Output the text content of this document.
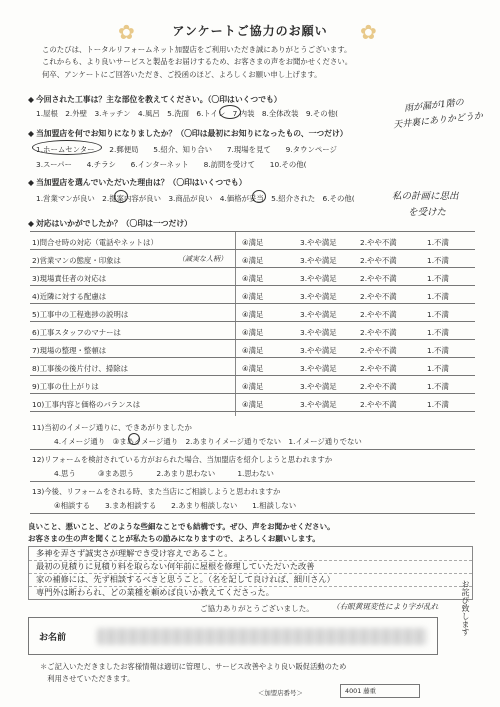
✿	✿
アンケートご協力のお願い
このたびは、トータルリフォームネット加盟店をご利用いただき誠にありがとうございます。
これからも、より良いサービスと製品をお届けするため、お客さまの声をお聞かせください。
何卒、アンケートにご回答いただき、ご投函のほど、よろしくお願い申し上げます。
◆ 今回された工事は？主な部位を教えてください。（〇印はいくつでも）
1.屋根　2.外壁　3.キッチン　4.風呂　5.洗面　6.トイレ　7.内装　8.全体改装　9.その他(	雨が漏が1階の
天井裏にありかどうか
◆ 当加盟店を何でお知りになりましたか？（〇印は最初にお知りになったもの、一つだけ）
1.ホームセンター　　2.郵便局　　5.紹介、知り合い　　7.現場を見て　　9.タウンページ
3.スーパー　　4.チラシ　　6.インターネット　　8.訪問を受けて　　10.その他(
◆ 当加盟店を選んでいただいた理由は？（〇印はいくつでも）
1.営業マンが良い　2.提案内容が良い　3.商品が良い　4.価格が妥当　5.紹介された　6.その他(	私の計画に思出
を受けた
◆ 対応はいかがでしたか？（〇印は一つだけ）
1)問合せ時の対応（電話やネットは）	④満足	3.やや満足	2.やや不満	1.不満
2)営業マンの態度・印象は	（誠実な人柄） ④満足	3.やや満足	2.やや不満	1.不満
3)現場責任者の対応は	④満足	3.やや満足	2.やや不満	1.不満
4)近隣に対する配慮は	④満足	3.やや満足	2.やや不満	1.不満
5)工事中の工程進捗の説明は	④満足	3.やや満足	2.やや不満	1.不満
6)工事スタッフのマナーは	④満足	3.やや満足	2.やや不満	1.不満
7)現場の整理・整頓は	④満足	3.やや満足	2.やや不満	1.不満
8)工事後の後片付け、掃除は	④満足	3.やや満足	2.やや不満	1.不満
9)工事の仕上がりは	④満足	3.やや満足	2.やや不満	1.不満
10)工事内容と価格のバランスは	④満足	3.やや満足	2.やや不満	1.不満
11)当初のイメージ通りに、できあがりましたか
4.イメージ通り　③まあイメージ通り　2.あまりイメージ通りでない　1.イメージ通りでない
12)リフォームを検討されている方がおられた場合、当加盟店を紹介しようと思われますか
4.思う　　　③まあ思う　　　2.あまり思わない　　　1.思わない
13)今後、リフォームをされる時、また当店にご相談しようと思われますか
④相談する　　3.まあ相談する　　2.あまり相談しない　　1.相談しない
良いこと、悪いこと、どのような些細なことでも結構です。ぜひ、声をお聞かせください。
お客さまの生の声を聞くことが私たちの励みになりますので、よろしくお願いします。
多神を弄さず誠実さが理解でき受け容えであること。
最初の見積りに見積り料を取らない何年前に屋根を修理していただいた改善
家の補修には、先ず相談するべきと思うこと。（名を記して良ければ、細川さん）
専門外は断わられ、どの業種を頼めば良いか教えてくださった。
ご協力ありがとうございました。 （右眼黄斑変性により字が乱れ	お詫び致します
お名前
＊ご記入いただきましたお客様情報は適切に管理し、サービス改善やより良い販促活動のため
　利用させていただきます。
＜加盟店番号＞	4001 藤重
